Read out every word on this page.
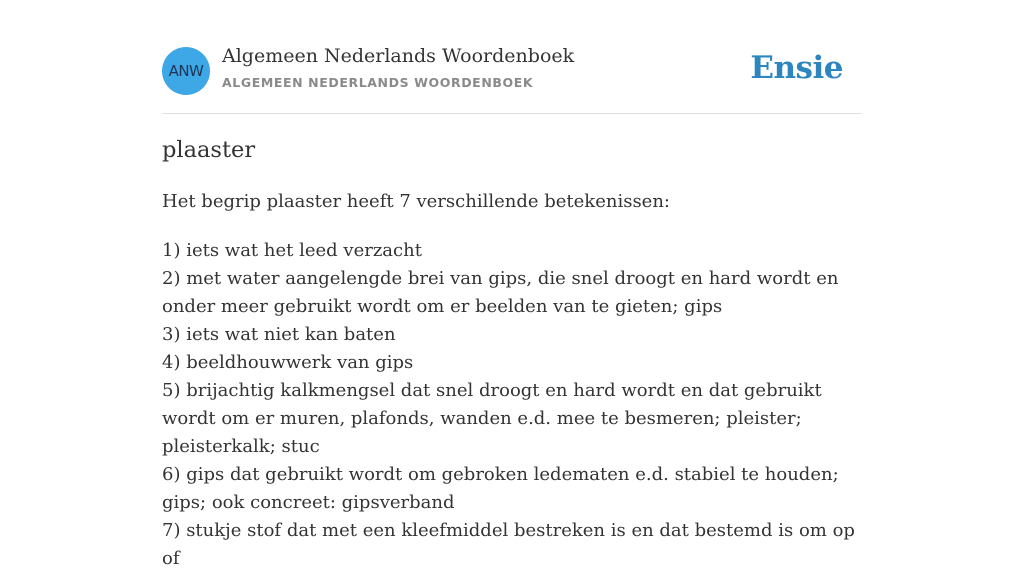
ANW
Algemeen Nederlands Woordenboek
ALGEMEEN NEDERLANDS WOORDENBOEK	Ensie
plaaster

Het begrip plaaster heeft 7 verschillende betekenissen:

1) iets wat het leed verzacht
2) met water aangelengde brei van gips, die snel droogt en hard wordt en onder meer gebruikt wordt om er beelden van te gieten; gips
3) iets wat niet kan baten
4) beeldhouwwerk van gips
5) brijachtig kalkmengsel dat snel droogt en hard wordt en dat gebruikt wordt om er muren, plafonds, wanden e.d. mee te besmeren; pleister; pleisterkalk; stuc
6) gips dat gebruikt wordt om gebroken ledematen e.d. stabiel te houden; gips; ook concreet: gipsverband
7) stukje stof dat met een kleefmiddel bestreken is en dat bestemd is om op of
